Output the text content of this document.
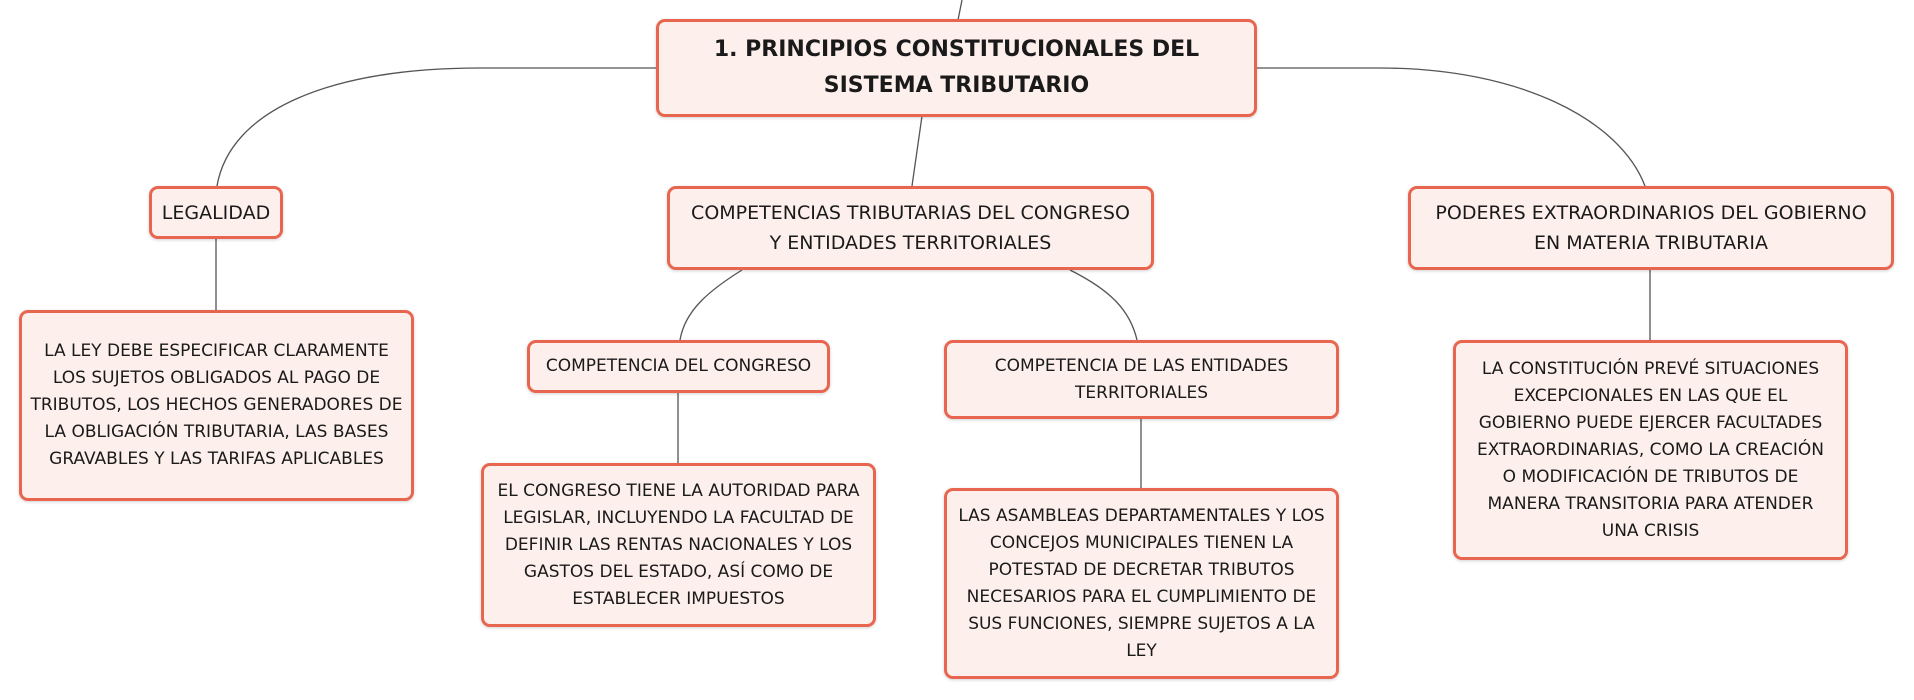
1. PRINCIPIOS CONSTITUCIONALES DEL SISTEMA TRIBUTARIO
LEGALIDAD	COMPETENCIAS TRIBUTARIAS DEL CONGRESO Y ENTIDADES TERRITORIALES
PODERES EXTRAORDINARIOS DEL GOBIERNO EN MATERIA TRIBUTARIA
LA LEY DEBE ESPECIFICAR CLARAMENTE LOS SUJETOS OBLIGADOS AL PAGO DE TRIBUTOS, LOS HECHOS GENERADORES DE LA OBLIGACIÓN TRIBUTARIA, LAS BASES GRAVABLES Y LAS TARIFAS APLICABLES
COMPETENCIA DEL CONGRESO	COMPETENCIA DE LAS ENTIDADES TERRITORIALES
LA CONSTITUCIÓN PREVÉ SITUACIONES EXCEPCIONALES EN LAS QUE EL GOBIERNO PUEDE EJERCER FACULTADES EXTRAORDINARIAS, COMO LA CREACIÓN O MODIFICACIÓN DE TRIBUTOS DE MANERA TRANSITORIA PARA ATENDER UNA CRISIS
EL CONGRESO TIENE LA AUTORIDAD PARA LEGISLAR, INCLUYENDO LA FACULTAD DE DEFINIR LAS RENTAS NACIONALES Y LOS GASTOS DEL ESTADO, ASÍ COMO DE ESTABLECER IMPUESTOS
LAS ASAMBLEAS DEPARTAMENTALES Y LOS CONCEJOS MUNICIPALES TIENEN LA POTESTAD DE DECRETAR TRIBUTOS NECESARIOS PARA EL CUMPLIMIENTO DE SUS FUNCIONES, SIEMPRE SUJETOS A LA LEY
